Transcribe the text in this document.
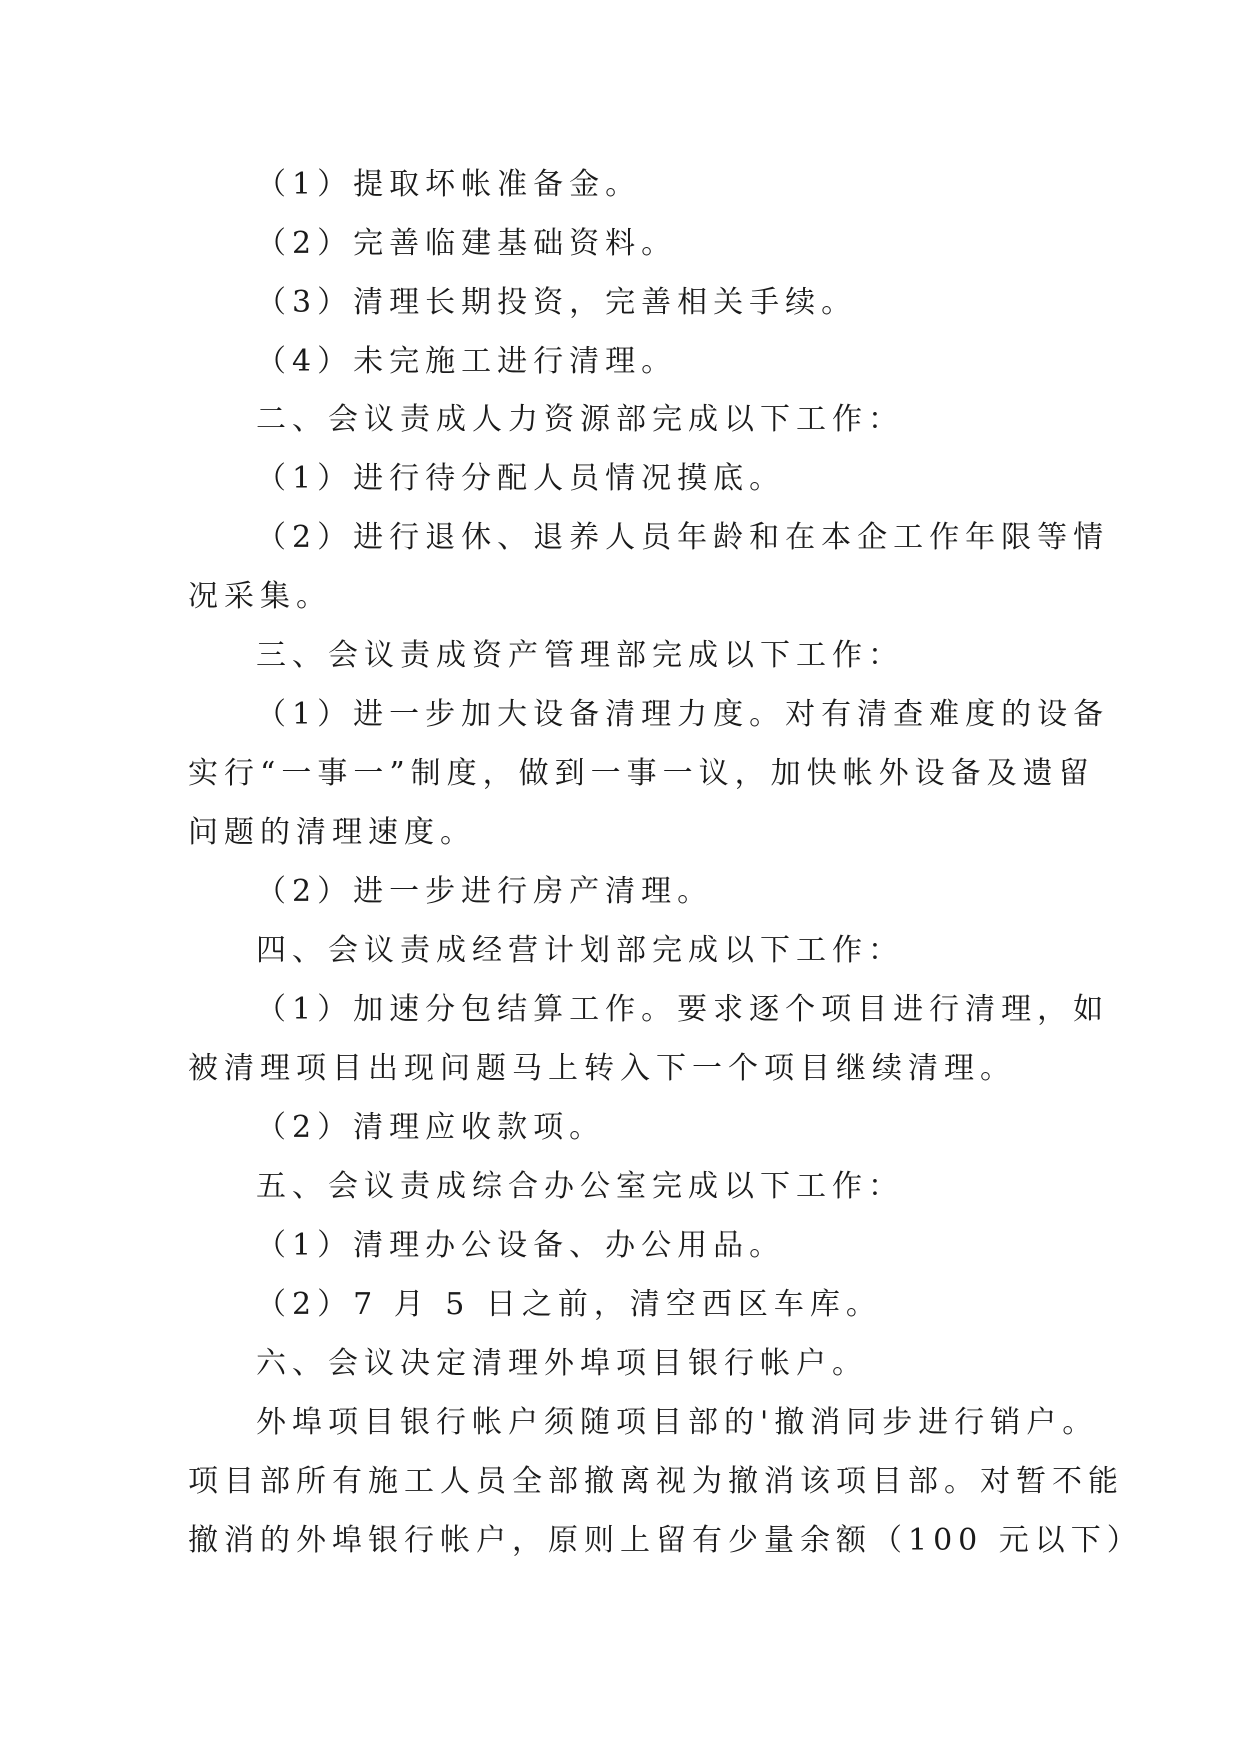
（1）提取坏帐准备金。

（2）完善临建基础资料。

（3）清理长期投资，完善相关手续。

（4）未完施工进行清理。

二、会议责成人力资源部完成以下工作：

（1）进行待分配人员情况摸底。

（2）进行退休、退养人员年龄和在本企工作年限等情

况采集。

三、会议责成资产管理部完成以下工作：

（1）进一步加大设备清理力度。对有清查难度的设备

实行“一事一”制度，做到一事一议，加快帐外设备及遗留

问题的清理速度。

（2）进一步进行房产清理。

四、会议责成经营计划部完成以下工作：

（1）加速分包结算工作。要求逐个项目进行清理，如

被清理项目出现问题马上转入下一个项目继续清理。

（2）清理应收款项。

五、会议责成综合办公室完成以下工作：

（1）清理办公设备、办公用品。

（2）7 月 5 日之前，清空西区车库。

六、会议决定清理外埠项目银行帐户。

外埠项目银行帐户须随项目部的'撤消同步进行销户。

项目部所有施工人员全部撤离视为撤消该项目部。对暂不能

撤消的外埠银行帐户，原则上留有少量余额（100 元以下）
